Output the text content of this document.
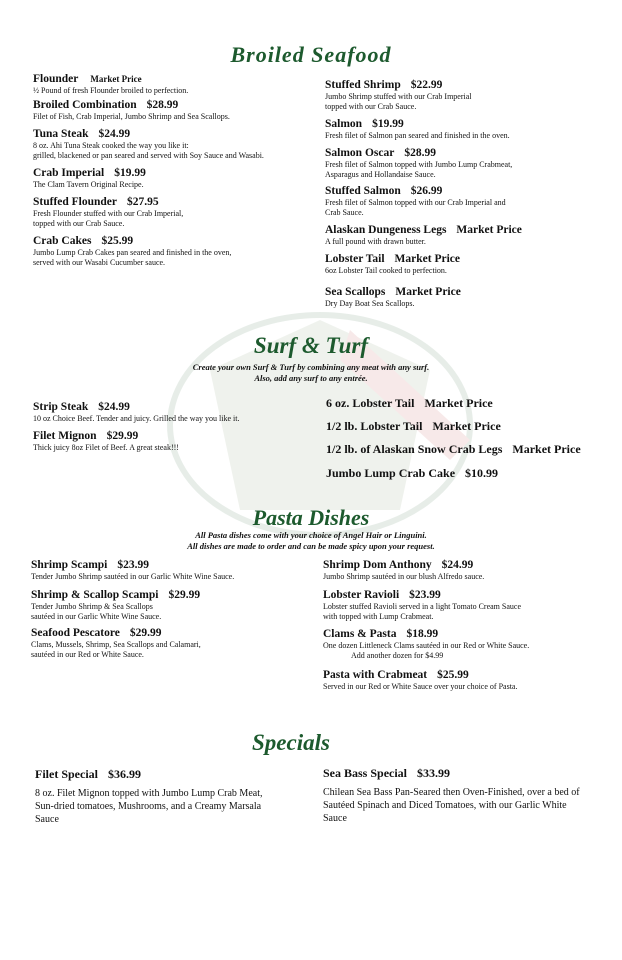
Broiled Seafood
Flounder Market Price
½ Pound of fresh Flounder broiled to perfection.
Broiled Combination $28.99
Filet of Fish, Crab Imperial, Jumbo Shrimp and Sea Scallops.
Tuna Steak $24.99
8 oz. Ahi Tuna Steak cooked the way you like it:
grilled, blackened or pan seared and served with Soy Sauce and Wasabi.
Crab Imperial $19.99
The Clam Tavern Original Recipe.
Stuffed Flounder $27.95
Fresh Flounder stuffed with our Crab Imperial,
topped with our Crab Sauce.
Crab Cakes $25.99
Jumbo Lump Crab Cakes pan seared and finished in the oven,
served with our Wasabi Cucumber sauce.
Stuffed Shrimp $22.99
Jumbo Shrimp stuffed with our Crab Imperial
topped with our Crab Sauce.
Salmon $19.99
Fresh filet of Salmon pan seared and finished in the oven.
Salmon Oscar $28.99
Fresh filet of Salmon topped with Jumbo Lump Crabmeat,
Asparagus and Hollandaise Sauce.
Stuffed Salmon $26.99
Fresh filet of Salmon topped with our Crab Imperial and
Crab Sauce.
Alaskan Dungeness Legs Market Price
A full pound with drawn butter.
Lobster Tail Market Price
6oz Lobster Tail cooked to perfection.
Sea Scallops Market Price
Dry Day Boat Sea Scallops.
Surf & Turf
Create your own Surf & Turf by combining any meat with any surf.
Also, add any surf to any entrée.
Strip Steak $24.99
10 oz Choice Beef. Tender and juicy. Grilled the way you like it.
Filet Mignon $29.99
Thick juicy 8oz Filet of Beef. A great steak!!!
6 oz. Lobster Tail Market Price
1/2 lb. Lobster Tail Market Price
1/2 lb. of Alaskan Snow Crab Legs Market Price
Jumbo Lump Crab Cake $10.99
Pasta Dishes
All Pasta dishes come with your choice of Angel Hair or Linguini.
All dishes are made to order and can be made spicy upon your request.
Shrimp Scampi $23.99
Tender Jumbo Shrimp sautéed in our Garlic White Wine Sauce.
Shrimp & Scallop Scampi $29.99
Tender Jumbo Shrimp & Sea Scallops
sautéed in our Garlic White Wine Sauce.
Seafood Pescatore $29.99
Clams, Mussels, Shrimp, Sea Scallops and Calamari,
sautéed in our Red or White Sauce.
Shrimp Dom Anthony $24.99
Jumbo Shrimp sautéed in our blush Alfredo sauce.
Lobster Ravioli $23.99
Lobster stuffed Ravioli served in a light Tomato Cream Sauce
with topped with Lump Crabmeat.
Clams & Pasta $18.99
One dozen Littleneck Clams sautéed in our Red or White Sauce.
Add another dozen for $4.99
Pasta with Crabmeat $25.99
Served in our Red or White Sauce over your choice of Pasta.
Specials
Filet Special $36.99
8 oz. Filet Mignon topped with Jumbo Lump Crab Meat, Sun-dried tomatoes, Mushrooms, and a Creamy Marsala Sauce
Sea Bass Special $33.99
Chilean Sea Bass Pan-Seared then Oven-Finished, over a bed of Sautéed Spinach and Diced Tomatoes, with our Garlic White Sauce
